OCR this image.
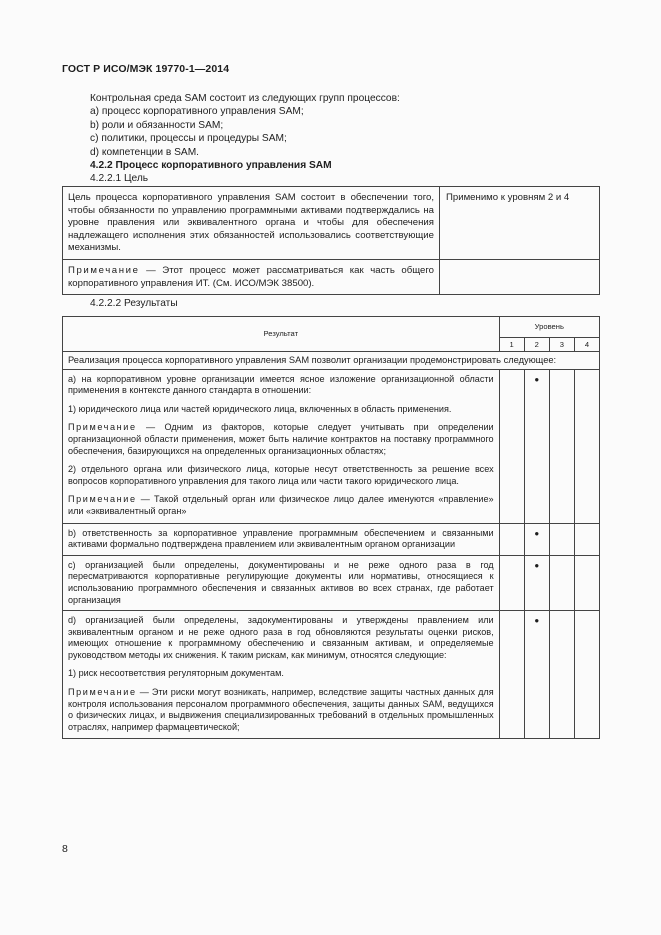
ГОСТ Р ИСО/МЭК 19770-1—2014
Контрольная среда SAM состоит из следующих групп процессов:
a) процесс корпоративного управления SAM;
b) роли и обязанности SAM;
c) политики, процессы и процедуры SAM;
d) компетенции в SAM.
4.2.2 Процесс корпоративного управления SAM
4.2.2.1 Цель
Цель процесса корпоративного управления SAM состоит в обеспечении того, чтобы обязанности по управлению программными активами подтверждались на уровне правления или эквивалентного органа и чтобы для обеспечения надлежащего исполнения этих обязанностей использовались соответствующие механизмы.	Применимо к уровням 2 и 4
Примечание — Этот процесс может рассматриваться как часть общего корпоративного управления ИТ. (См. ИСО/МЭК 38500).	
4.2.2.2 Результаты
Результат	Уровень			
	1	2	3	4
Реализация процесса корпоративного управления SAM позволит организации продемонстрировать следующее:				

a) на корпоративном уровне организации имеется ясное изложение организационной области применения в контексте данного стандарта в отношении:

1) юридического лица или частей юридического лица, включенных в область применения.

Примечание — Одним из факторов, которые следует учитывать при определении организационной области применения, может быть наличие контрактов на поставку программного обеспечения, базирующихся на определенных организационных областях;

2) отдельного органа или физического лица, которые несут ответственность за решение всех вопросов корпоративного управления для такого лица или части такого юридического лица.

Примечание — Такой отдельный орган или физическое лицо далее именуются «правление» или «эквивалентный орган»		●		
b) ответственность за корпоративное управление программным обеспечением и связанными активами формально подтверждена правлением или эквивалентным органом организации		●		
c) организацией были определены, документированы и не реже одного раза в год пересматриваются корпоративные регулирующие документы или нормативы, относящиеся к использованию программного обеспечения и связанных активов во всех странах, где работает организация		●		

d) организацией были определены, задокументированы и утверждены правлением или эквивалентным органом и не реже одного раза в год обновляются результаты оценки рисков, имеющих отношение к программному обеспечению и связанным активам, и определяемые руководством методы их снижения. К таким рискам, как минимум, относятся следующие:

1) риск несоответствия регуляторным документам.

Примечание — Эти риски могут возникать, например, вследствие защиты частных данных для контроля использования персоналом программного обеспечения, защиты данных SAM, ведущихся о физических лицах, и выдвижения специализированных требований в отдельных промышленных отраслях, например фармацевтической;		●		
8
